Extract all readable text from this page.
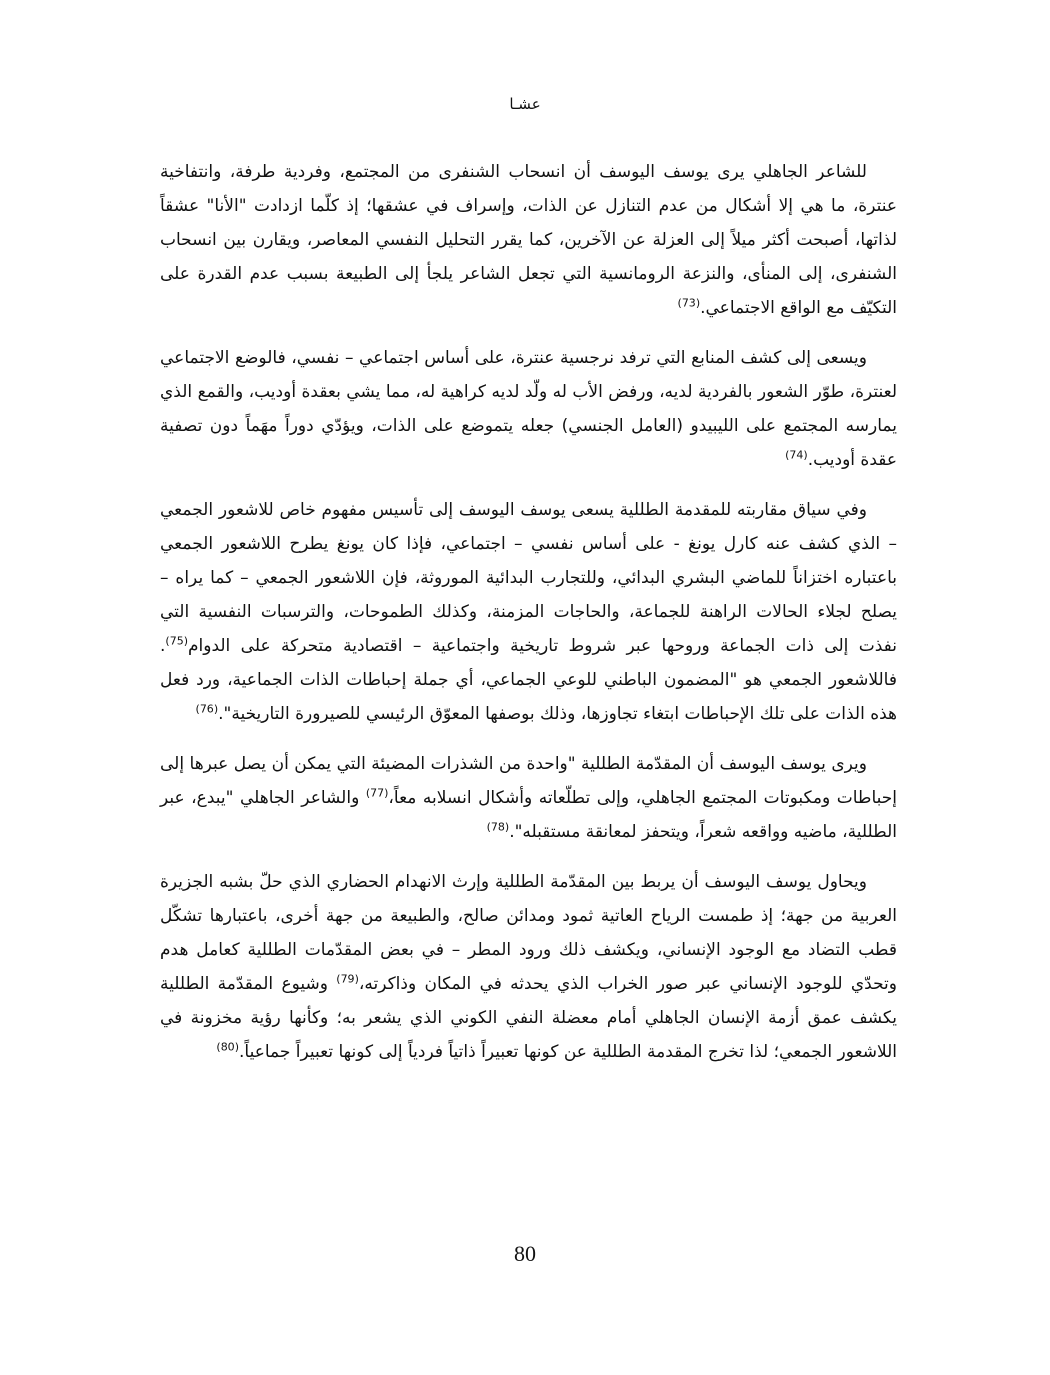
عشـا

للشاعر الجاهلي يرى يوسف اليوسف أن انسحاب الشنفرى من المجتمع، وفردية طرفة، وانتفاخية عنترة، ما هي إلا أشكال من عدم التنازل عن الذات، وإسراف في عشقها؛ إذ كلّما ازدادت "الأنا" عشقاً لذاتها، أصبحت أكثر ميلاً إلى العزلة عن الآخرين، كما يقرر التحليل النفسي المعاصر، ويقارن بين انسحاب الشنفرى، إلى المنأى، والنزعة الرومانسية التي تجعل الشاعر يلجأ إلى الطبيعة بسبب عدم القدرة على التكيّف مع الواقع الاجتماعي.$^{(73)}$

ويسعى إلى كشف المنابع التي ترفد نرجسية عنترة، على أساس اجتماعي – نفسي، فالوضع الاجتماعي لعنترة، طوّر الشعور بالفردية لديه، ورفض الأب له ولّد لديه كراهية له، مما يشي بعقدة أوديب، والقمع الذي يمارسه المجتمع على الليبيدو (العامل الجنسي) جعله يتموضع على الذات، ويؤدّي دوراً مهَماً دون تصفية عقدة أوديب.$^{(74)}$

وفي سياق مقاربته للمقدمة الطللية يسعى يوسف اليوسف إلى تأسيس مفهوم خاص للاشعور الجمعي – الذي كشف عنه كارل يونغ - على أساس نفسي – اجتماعي، فإذا كان يونغ يطرح اللاشعور الجمعي باعتباره اختزاناً للماضي البشري البدائي، وللتجارب البدائية الموروثة، فإن اللاشعور الجمعي – كما يراه – يصلح لجلاء الحالات الراهنة للجماعة، والحاجات المزمنة، وكذلك الطموحات، والترسبات النفسية التي نفذت إلى ذات الجماعة وروحها عبر شروط تاريخية واجتماعية – اقتصادية متحركة على الدوام$^{(75)}$. فاللاشعور الجمعي هو "المضمون الباطني للوعي الجماعي، أي جملة إحباطات الذات الجماعية، ورد فعل هذه الذات على تلك الإحباطات ابتغاء تجاوزها، وذلك بوصفها المعوّق الرئيسي للصيرورة التاريخية".$^{(76)}$

ويرى يوسف اليوسف أن المقدّمة الطللية "واحدة من الشذرات المضيئة التي يمكن أن يصل عبرها إلى إحباطات ومكبوتات المجتمع الجاهلي، وإلى تطلّعاته وأشكال انسلابه معاً،$^{(77)}$ والشاعر الجاهلي "يبدع، عبر الطللية، ماضيه وواقعه شعراً، ويتحفز لمعانقة مستقبله".$^{(78)}$

ويحاول يوسف اليوسف أن يربط بين المقدّمة الطللية وإرث الانهدام الحضاري الذي حلّ بشبه الجزيرة العربية من جهة؛ إذ طمست الرياح العاتية ثمود ومدائن صالح، والطبيعة من جهة أخرى، باعتبارها تشكّل قطب التضاد مع الوجود الإنساني، ويكشف ذلك ورود المطر – في بعض المقدّمات الطللية كعامل هدم وتحدّي للوجود الإنساني عبر صور الخراب الذي يحدثه في المكان وذاكرته،$^{(79)}$ وشيوع المقدّمة الطللية يكشف عمق أزمة الإنسان الجاهلي أمام معضلة النفي الكوني الذي يشعر به؛ وكأنها رؤية مخزونة في اللاشعور الجمعي؛ لذا تخرج المقدمة الطللية عن كونها تعبيراً ذاتياً فردياً إلى كونها تعبيراً جماعياً.$^{(80)}$

80
